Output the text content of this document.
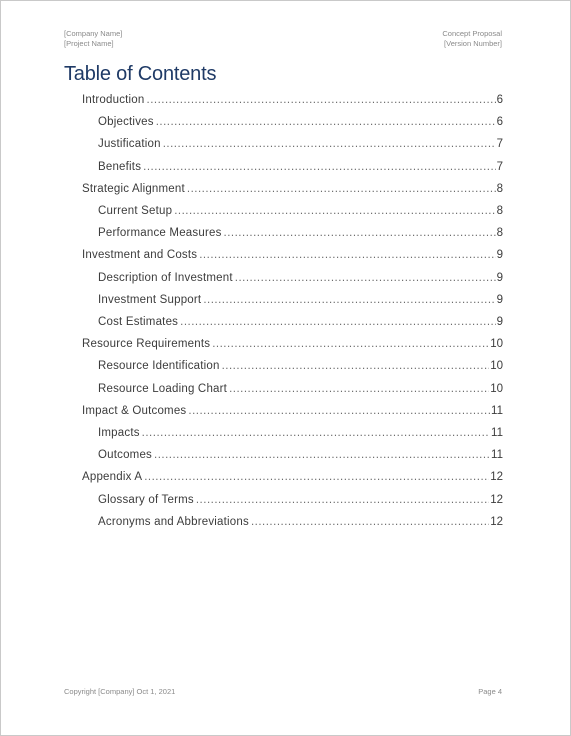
[Company Name]
[Project Name]
Concept Proposal
[Version Number]
Table of Contents
Introduction .....	6
Objectives .....	6
Justification .....	7
Benefits .....	7
Strategic Alignment .....	8
Current Setup .....	8
Performance Measures .....	8
Investment and Costs .....	9
Description of Investment .....	9
Investment Support .....	9
Cost Estimates .....	9
Resource Requirements .....	10
Resource Identification .....	10
Resource Loading Chart .....	10
Impact & Outcomes .....	11
Impacts .....	11
Outcomes .....	11
Appendix A .....	12
Glossary of Terms .....	12
Acronyms and Abbreviations .....	12
Copyright [Company] Oct 1, 2021	Page 4
